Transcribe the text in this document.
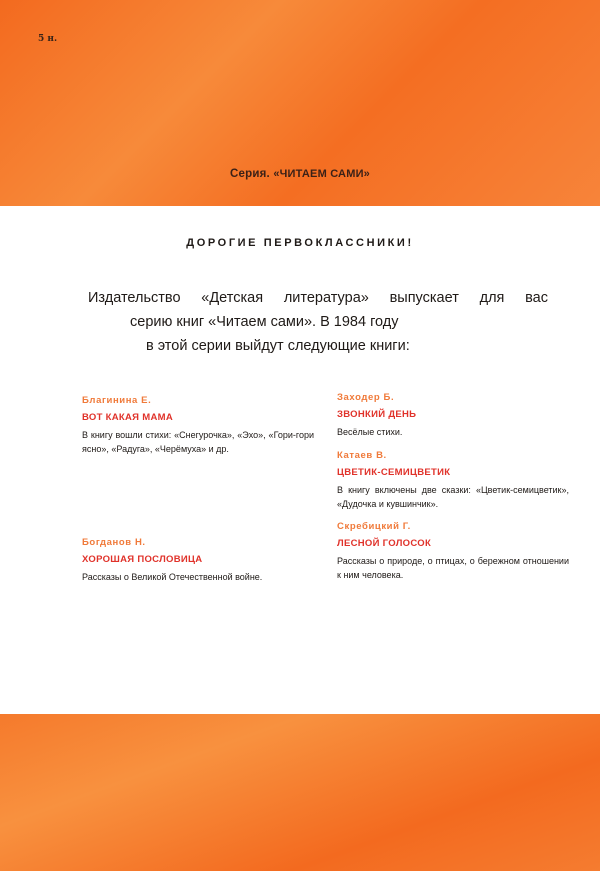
5 н.
Серия. «ЧИТАЕМ САМИ»
ДОРОГИЕ ПЕРВОКЛАССНИКИ!
Издательство «Детская литература» выпускает для вас
серию книг «Читаем сами». В 1984 году
в этой серии выйдут следующие книги:
Благинина Е.
ВОТ КАКАЯ МАМА
В книгу вошли стихи: «Снегурочка», «Эхо», «Гори-гори ясно», «Радуга», «Черёмуха» и др.
Богданов Н.
ХОРОШАЯ ПОСЛОВИЦА
Рассказы о Великой Отечественной войне.
Заходер Б.
ЗВОНКИЙ ДЕНЬ
Весёлые стихи.
Катаев В.
ЦВЕТИК-СЕМИЦВЕТИК
В книгу включены две сказки: «Цветик-семицветик», «Дудочка и кувшинчик».
Скребицкий Г.
ЛЕСНОЙ ГОЛОСОК
Рассказы о природе, о птицах, о бережном отношении к ним человека.
